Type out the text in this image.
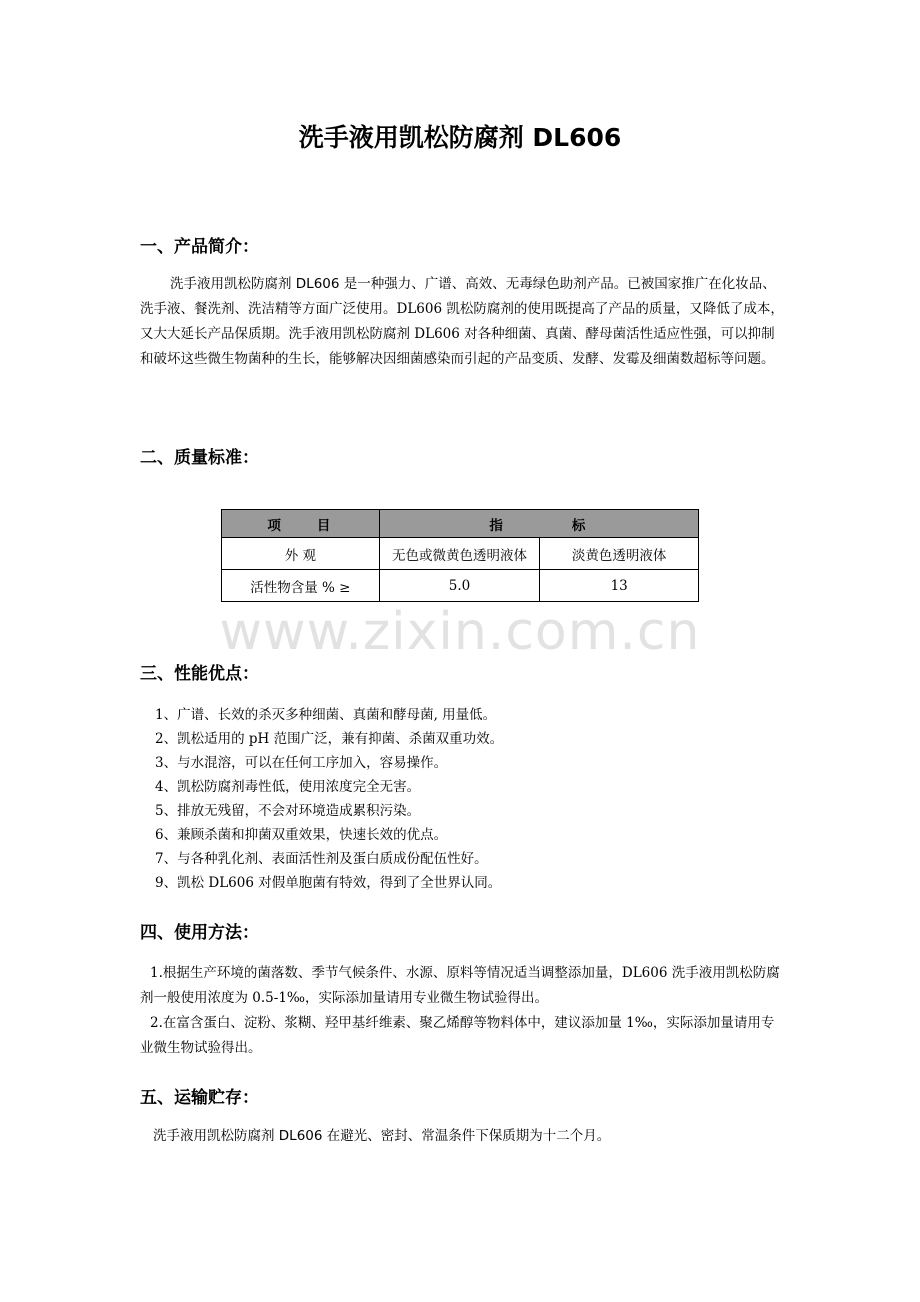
洗手液用凯松防腐剂 DL606
一、产品简介：
洗手液用凯松防腐剂 DL606 是一种强力、广谱、高效、无毒绿色助剂产品。已被国家推广在化妆品、洗手液、餐洗剂、洗洁精等方面广泛使用。DL606 凯松防腐剂的使用既提高了产品的质量，又降低了成本，又大大延长产品保质期。洗手液用凯松防腐剂 DL606 对各种细菌、真菌、酵母菌活性适应性强，可以抑制和破坏这些微生物菌种的生长，能够解决因细菌感染而引起的产品变质、发酵、发霉及细菌数超标等问题。
二、质量标准：
项　　目	指　　　　标	
外 观	无色或微黄色透明液体	淡黄色透明液体
活性物含量 % ≥	5.0	13
www.zixin.com.cn
三、性能优点：
1、广谱、长效的杀灭多种细菌、真菌和酵母菌, 用量低。
2、凯松适用的 pH 范围广泛，兼有抑菌、杀菌双重功效。
3、与水混溶，可以在任何工序加入，容易操作。
4、凯松防腐剂毒性低，使用浓度完全无害。
5、排放无残留，不会对环境造成累积污染。
6、兼顾杀菌和抑菌双重效果，快速长效的优点。
7、与各种乳化剂、表面活性剂及蛋白质成份配伍性好。
9、凯松 DL606 对假单胞菌有特效，得到了全世界认同。
四、使用方法：
1.根据生产环境的菌落数、季节气候条件、水源、原料等情况适当调整添加量，DL606 洗手液用凯松防腐剂一般使用浓度为 0.5-1‰，实际添加量请用专业微生物试验得出。
2.在富含蛋白、淀粉、浆糊、羟甲基纤维素、聚乙烯醇等物料体中，建议添加量 1‰，实际添加量请用专业微生物试验得出。
五、运输贮存：
洗手液用凯松防腐剂 DL606 在避光、密封、常温条件下保质期为十二个月。
